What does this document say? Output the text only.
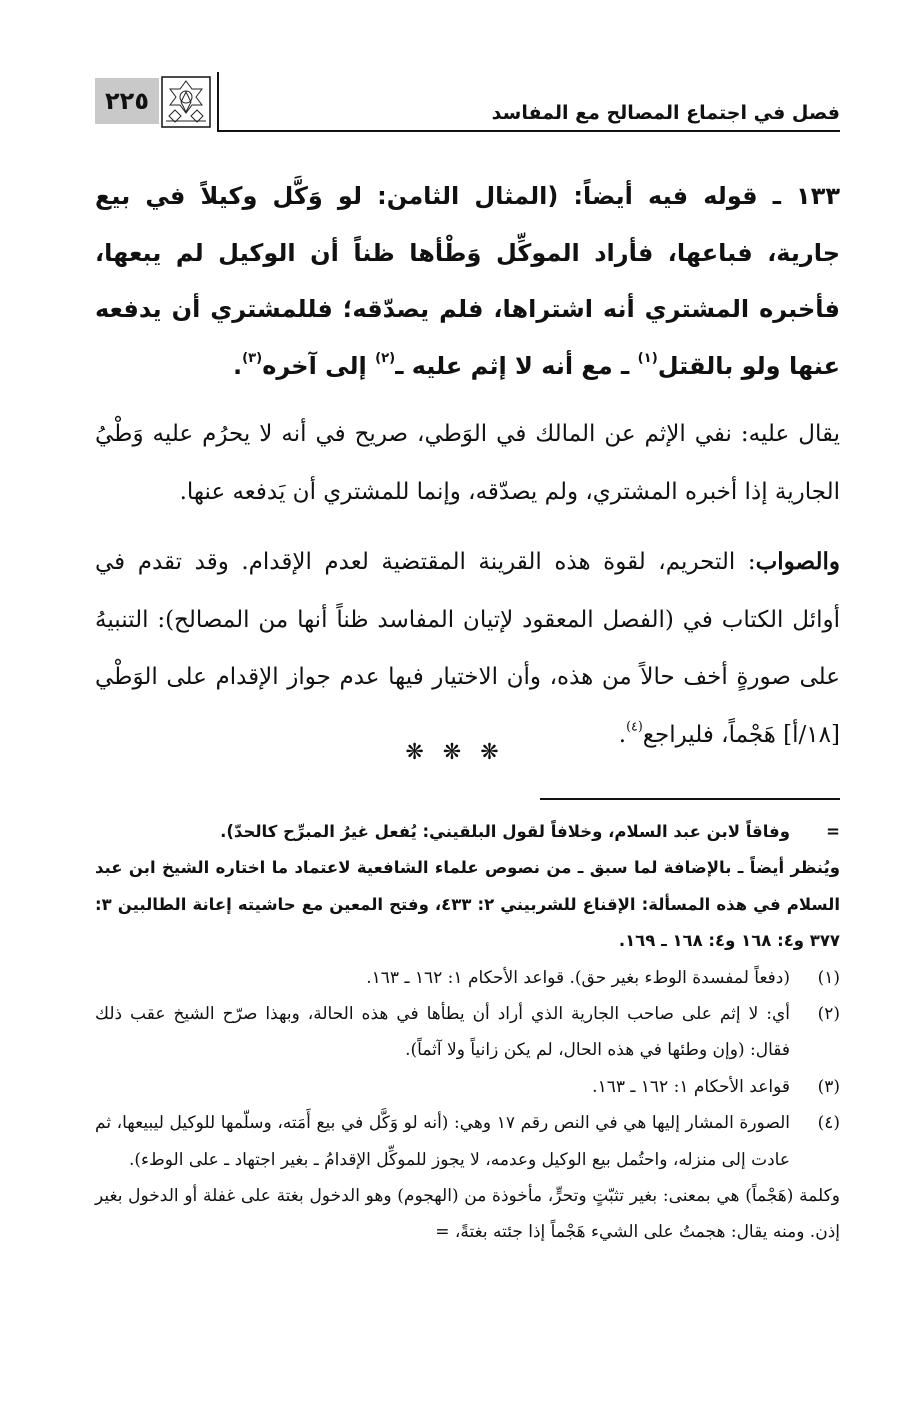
٢٢٥	فصل في اجتماع المصالح مع المفاسد

١٣٣ ـ قوله فيه أيضاً: (المثال الثامن: لو وَكَّل وكيلاً في بيع جارية، فباعها، فأراد الموكِّل وَطْأها ظناً أن الوكيل لم يبعها، فأخبره المشتري أنه اشتراها، فلم يصدّقه؛ فللمشتري أن يدفعه عنها ولو بالقتل$^{(١)}$ ـ مع أنه لا إثم عليه ـ$^{(٢)}$ إلى آخره$^{(٣)}$.

يقال عليه: نفي الإثم عن المالك في الوَطي، صريح في أنه لا يحرُم عليه وَطْيُ الجارية إذا أخبره المشتري، ولم يصدّقه، وإنما للمشتري أن يَدفعه عنها.

والصواب: التحريم، لقوة هذه القرينة المقتضية لعدم الإقدام. وقد تقدم في أوائل الكتاب في (الفصل المعقود لإتيان المفاسد ظناً أنها من المصالح): التنبيهُ على صورةٍ أخف حالاً من هذه، وأن الاختيار فيها عدم جواز الإقدام على الوَطْي [١٨/أ] هَجْماً، فليراجع$^{(٤)}$.

❋ ❋ ❋
=
وفاقاً لابن عبد السلام، وخلافاً لقول البلقيني: يُفعل غيرُ المبرِّح كالحدّ).

ويُنظر أيضاً ـ بالإضافة لما سبق ـ من نصوص علماء الشافعية لاعتماد ما اختاره الشيخ ابن عبد السلام في هذه المسألة: الإقناع للشربيني ٢: ٤٣٣، وفتح المعين مع حاشيته إعانة الطالبين ٣: ٣٧٧ و٤: ١٦٨ و٤: ١٦٨ ـ ١٦٩.

(١)
(دفعاً لمفسدة الوطء بغير حق). قواعد الأحكام ١: ١٦٢ ـ ١٦٣.
(٢)
أي: لا إثم على صاحب الجارية الذي أراد أن يطأها في هذه الحالة، وبهذا صرّح الشيخ عقب ذلك فقال: (وإن وطئها في هذه الحال، لم يكن زانياً ولا آثماً).
(٣)
قواعد الأحكام ١: ١٦٢ ـ ١٦٣.
(٤)
الصورة المشار إليها هي في النص رقم ١٧ وهي: (أنه لو وَكَّل في بيع أَمَته، وسلّمها للوكيل ليبيعها، ثم عادت إلى منزله، واحتُمل بيع الوكيل وعدمه، لا يجوز للموكِّل الإقدامُ ـ بغير اجتهاد ـ على الوطء).

وكلمة (هَجْماً) هي بمعنى: بغير تثبّتٍ وتحرٍّ، مأخوذة من (الهجوم) وهو الدخول بغتة على غفلة أو الدخول بغير إذن. ومنه يقال: هجمتُ على الشيء هَجْماً إذا جئته بغتةً، =
